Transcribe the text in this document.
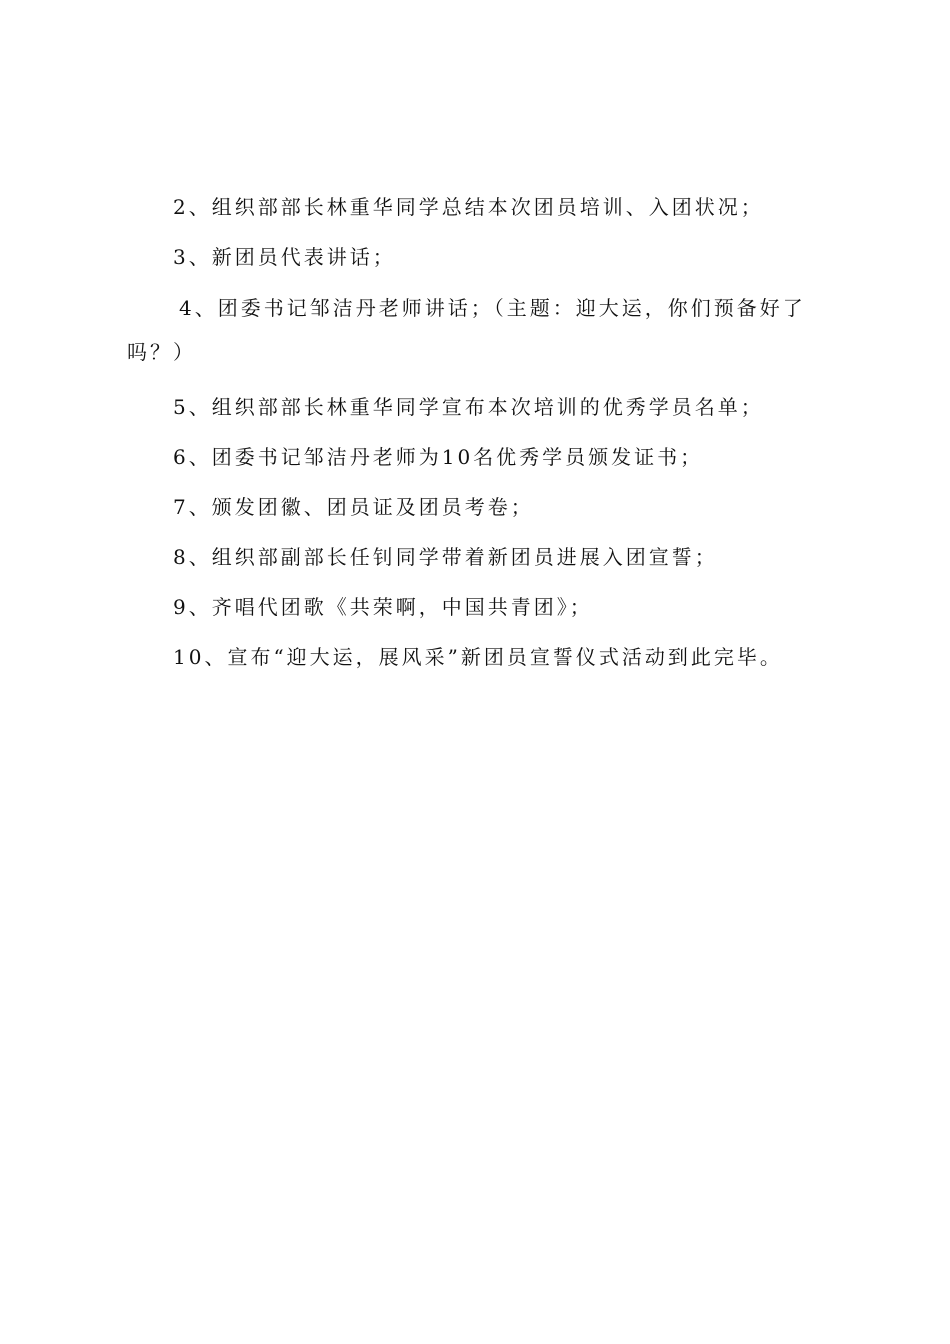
2、组织部部长林重华同学总结本次团员培训、入团状况；

3、新团员代表讲话；

4、团委书记邹洁丹老师讲话；（主题：迎大运，你们预备好了吗？）

5、组织部部长林重华同学宣布本次培训的优秀学员名单；

6、团委书记邹洁丹老师为10名优秀学员颁发证书；

7、颁发团徽、团员证及团员考卷；

8、组织部副部长任钊同学带着新团员进展入团宣誓；

9、齐唱代团歌《共荣啊，中国共青团》；

10、宣布“迎大运，展风采”新团员宣誓仪式活动到此完毕。
